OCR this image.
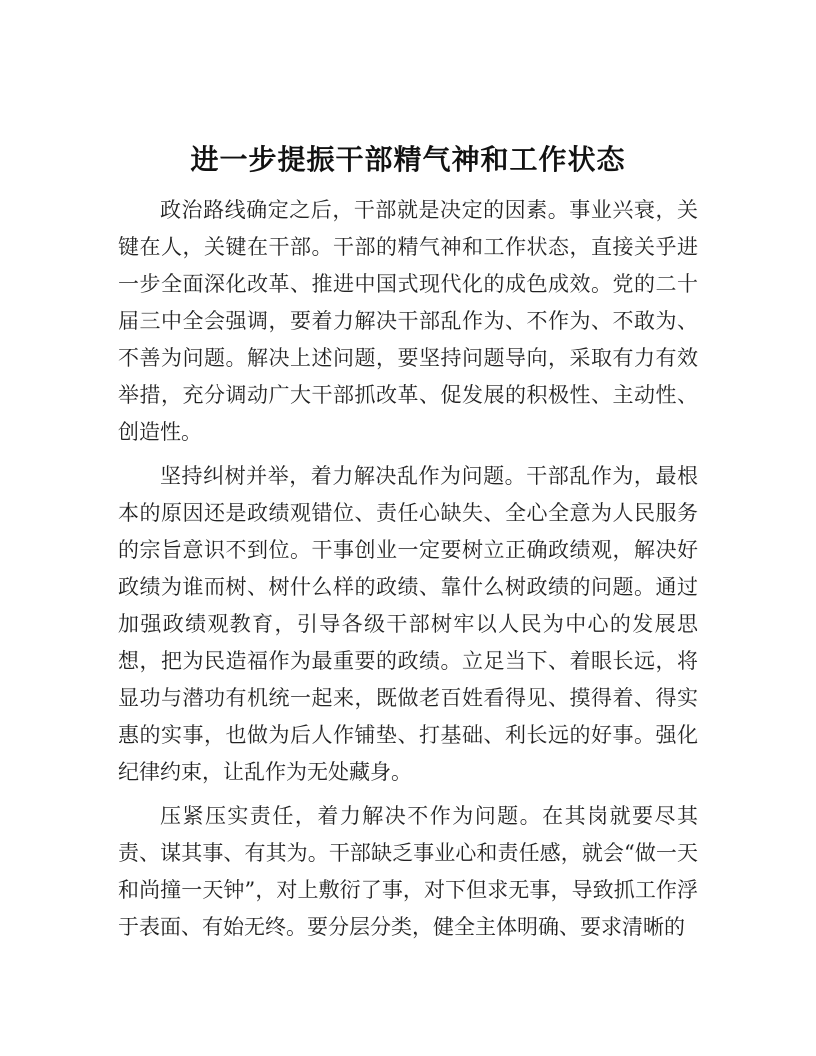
进一步提振干部精气神和工作状态

政治路线确定之后，干部就是决定的因素。事业兴衰，关键在人，关键在干部。干部的精气神和工作状态，直接关乎进一步全面深化改革、推进中国式现代化的成色成效。党的二十届三中全会强调，要着力解决干部乱作为、不作为、不敢为、不善为问题。解决上述问题，要坚持问题导向，采取有力有效举措，充分调动广大干部抓改革、促发展的积极性、主动性、创造性。

坚持纠树并举，着力解决乱作为问题。干部乱作为，最根本的原因还是政绩观错位、责任心缺失、全心全意为人民服务的宗旨意识不到位。干事创业一定要树立正确政绩观，解决好政绩为谁而树、树什么样的政绩、靠什么树政绩的问题。通过加强政绩观教育，引导各级干部树牢以人民为中心的发展思想，把为民造福作为最重要的政绩。立足当下、着眼长远，将显功与潜功有机统一起来，既做老百姓看得见、摸得着、得实惠的实事，也做为后人作铺垫、打基础、利长远的好事。强化纪律约束，让乱作为无处藏身。

压紧压实责任，着力解决不作为问题。在其岗就要尽其责、谋其事、有其为。干部缺乏事业心和责任感，就会“做一天和尚撞一天钟”，对上敷衍了事，对下但求无事，导致抓工作浮于表面、有始无终。要分层分类，健全主体明确、要求清晰的
